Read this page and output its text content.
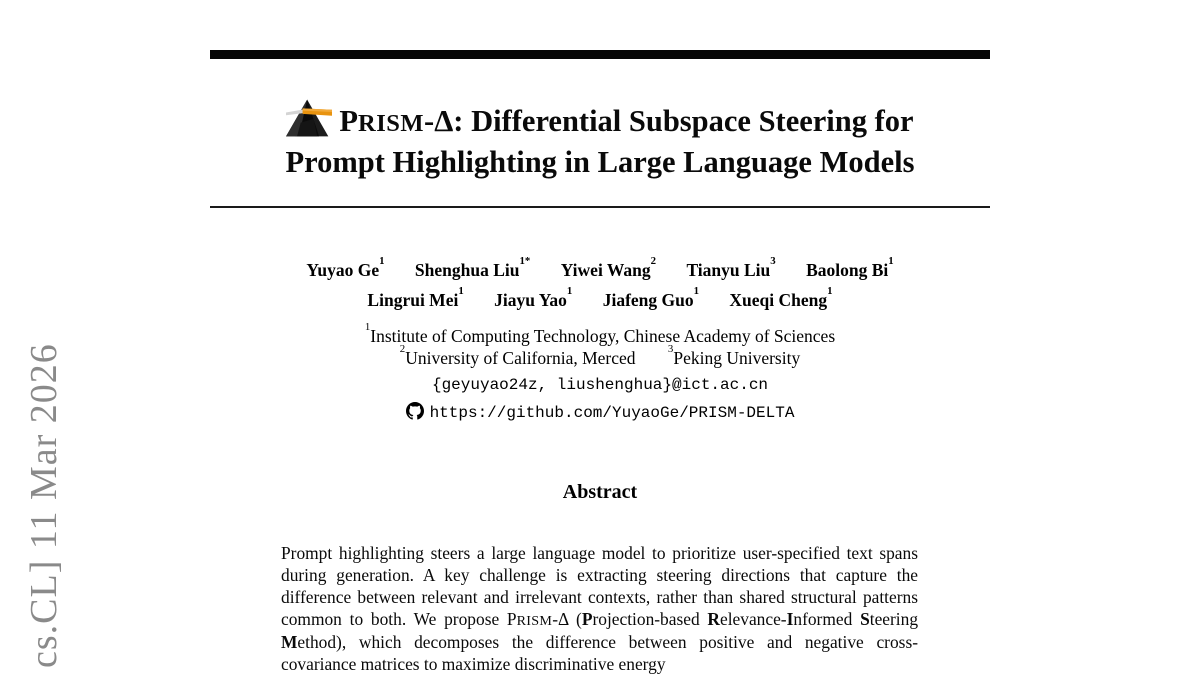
cs.CL] 11 Mar 2026
PRISM-Δ: Differential Subspace Steering for
Prompt Highlighting in Large Language Models
Yuyao Ge$^1$ Shenghua Liu$^{1*}$ Yiwei Wang$^2$ Tianyu Liu$^3$ Baolong Bi$^1$
Lingrui Mei$^1$ Jiayu Yao$^1$ Jiafeng Guo$^1$ Xueqi Cheng$^1$
$^1$Institute of Computing Technology, Chinese Academy of Sciences
$^2$University of California, Merced	$^3$Peking University
{geyuyao24z, liushenghua}@ict.ac.cn
https://github.com/YuyaoGe/PRISM-DELTA
Abstract

Prompt highlighting steers a large language model to prioritize user-specified text spans during generation. A key challenge is extracting steering directions that capture the difference between relevant and irrelevant contexts, rather than shared structural patterns common to both. We propose PRISM-Δ (Projection-based Relevance-Informed Steering Method), which decomposes the difference between positive and negative cross-covariance matrices to maximize discriminative energy
